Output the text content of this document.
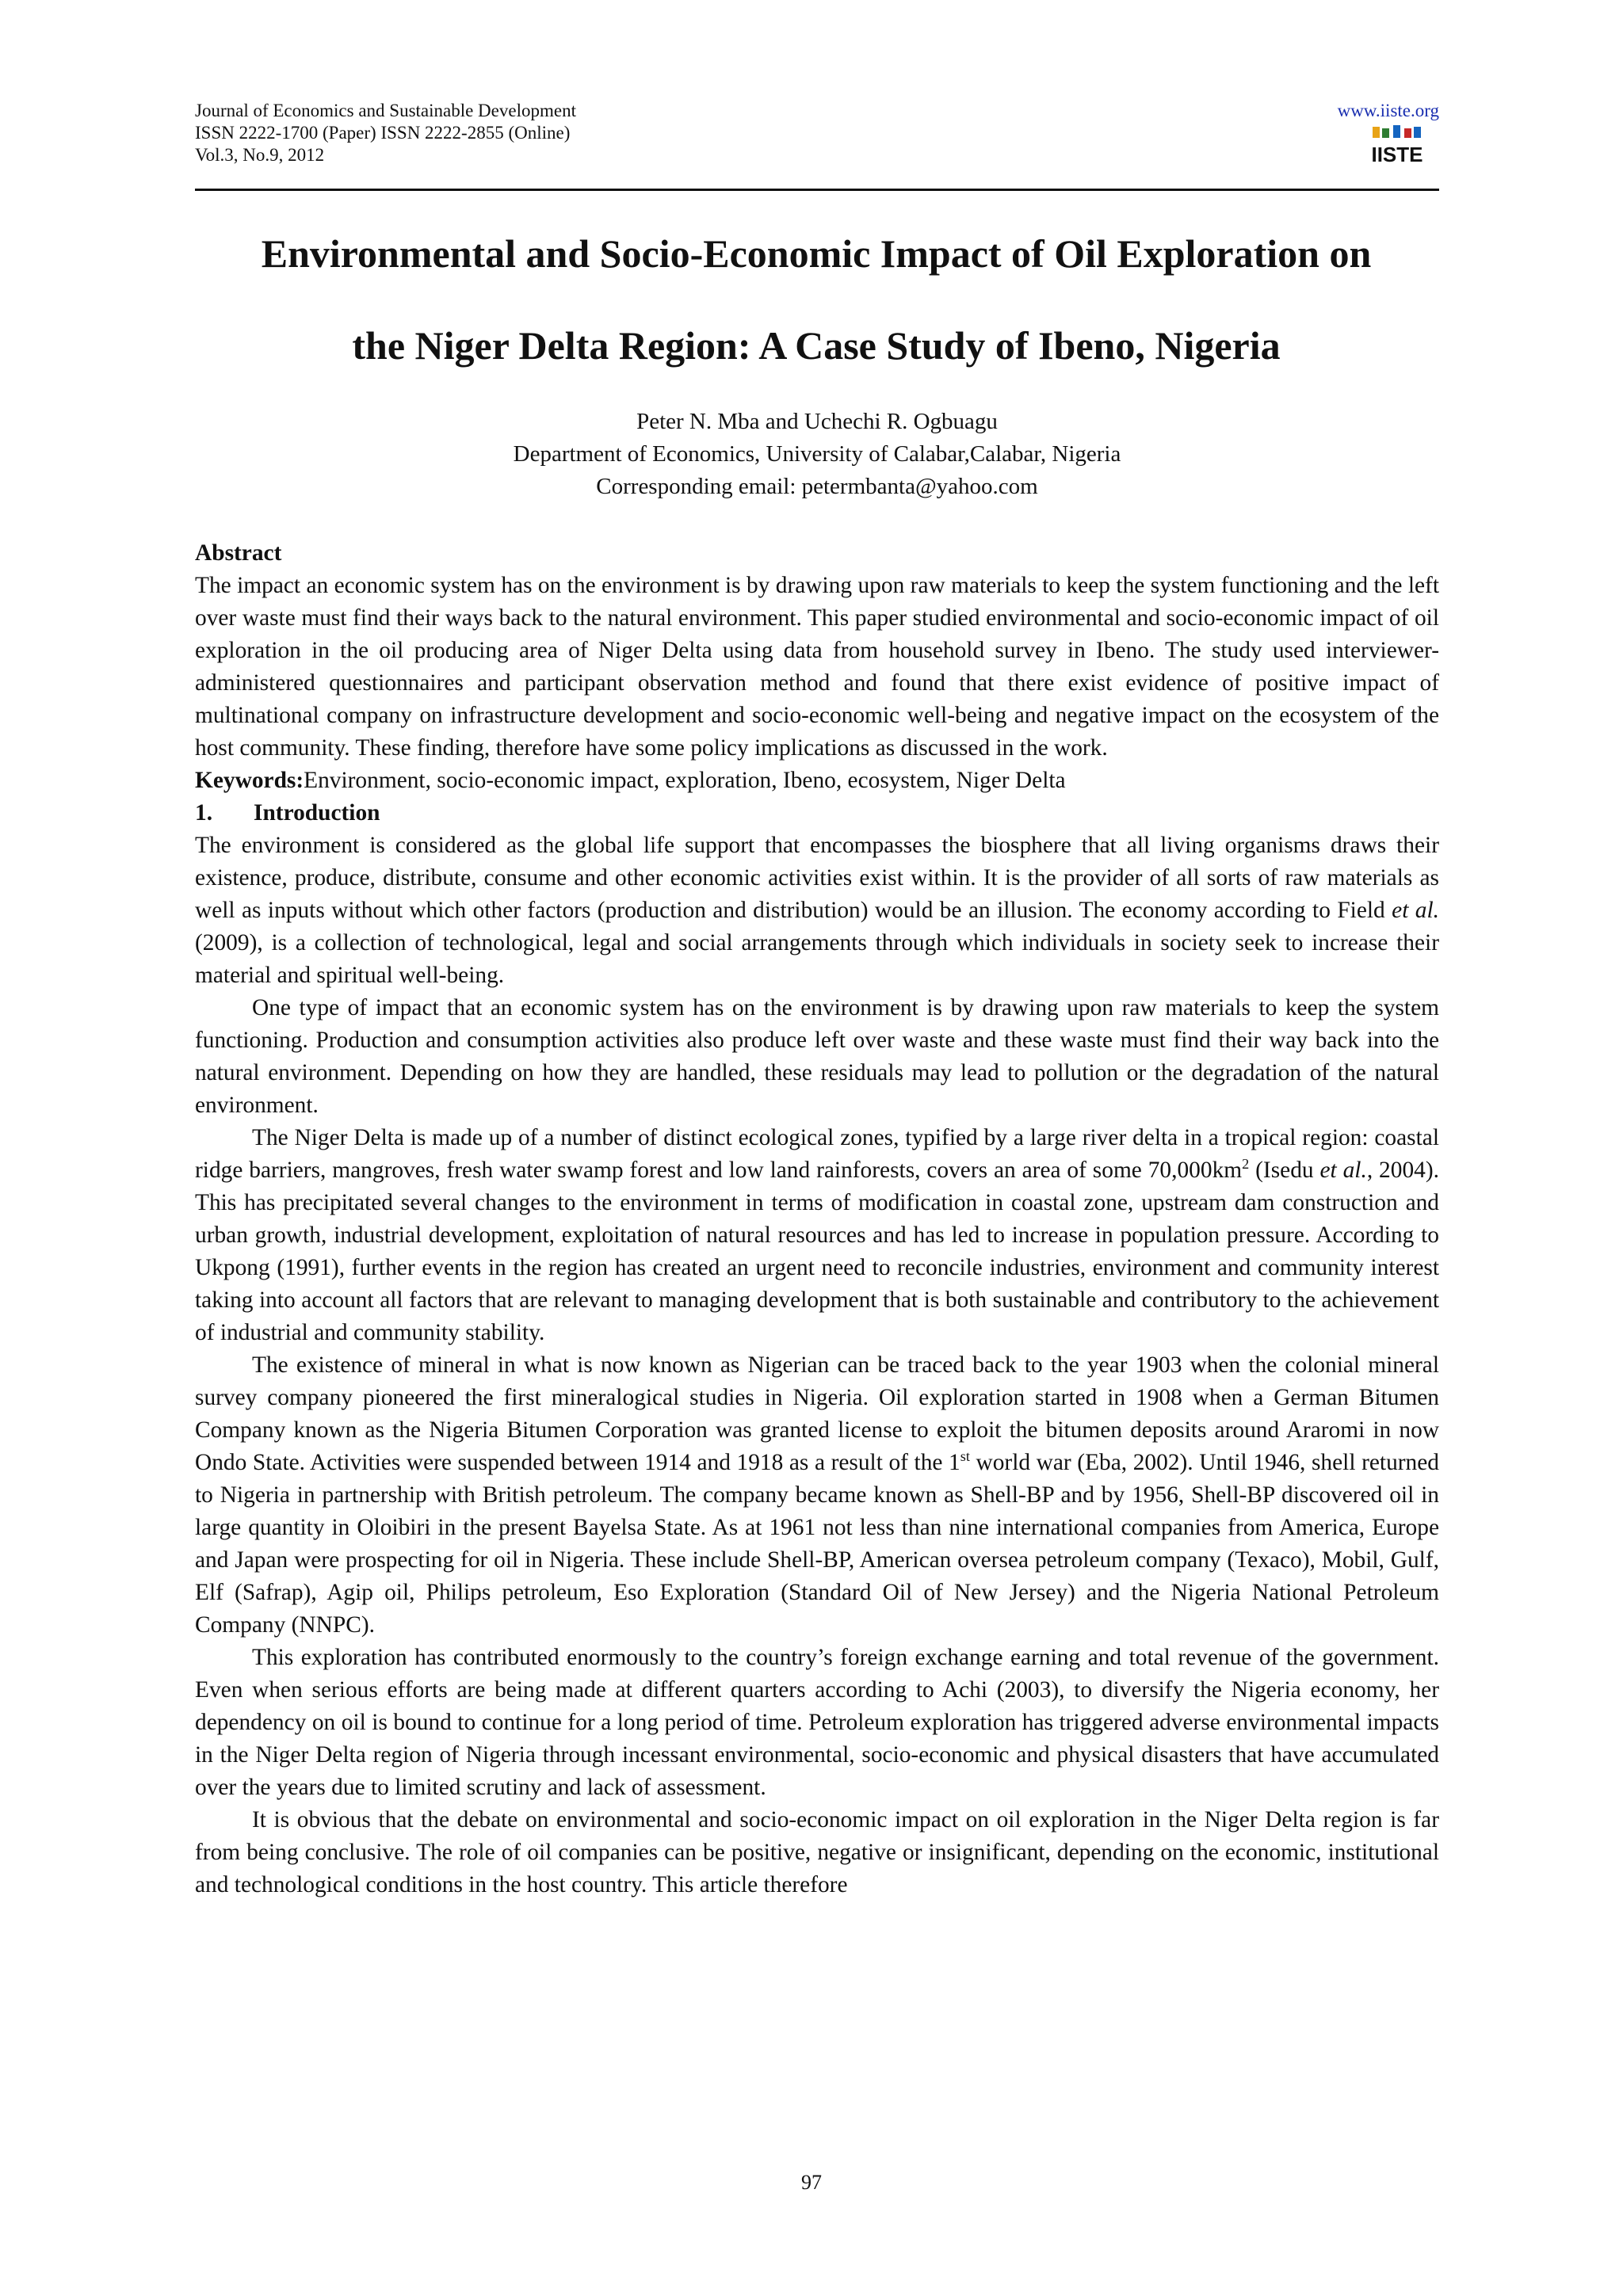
Journal of Economics and Sustainable Development
ISSN 2222-1700 (Paper) ISSN 2222-2855 (Online)
Vol.3, No.9, 2012
www.iiste.org
IISTE
Environmental and Socio-Economic Impact of Oil Exploration on
the Niger Delta Region: A Case Study of Ibeno, Nigeria
Peter N. Mba and Uchechi R. Ogbuagu
Department of Economics, University of Calabar,Calabar, Nigeria
Corresponding email: petermbanta@yahoo.com

Abstract

The impact an economic system has on the environment is by drawing upon raw materials to keep the system functioning and the left over waste must find their ways back to the natural environment. This paper studied environmental and socio-economic impact of oil exploration in the oil producing area of Niger Delta using data from household survey in Ibeno. The study used interviewer-administered questionnaires and participant observation method and found that there exist evidence of positive impact of multinational company on infrastructure development and socio-economic well-being and negative impact on the ecosystem of the host community. These finding, therefore have some policy implications as discussed in the work.

Keywords:Environment, socio-economic impact, exploration, Ibeno, ecosystem, Niger Delta

1. Introduction

The environment is considered as the global life support that encompasses the biosphere that all living organisms draws their existence, produce, distribute, consume and other economic activities exist within. It is the provider of all sorts of raw materials as well as inputs without which other factors (production and distribution) would be an illusion. The economy according to Field et al. (2009), is a collection of technological, legal and social arrangements through which individuals in society seek to increase their material and spiritual well-being.

One type of impact that an economic system has on the environment is by drawing upon raw materials to keep the system functioning. Production and consumption activities also produce left over waste and these waste must find their way back into the natural environment. Depending on how they are handled, these residuals may lead to pollution or the degradation of the natural environment.

The Niger Delta is made up of a number of distinct ecological zones, typified by a large river delta in a tropical region: coastal ridge barriers, mangroves, fresh water swamp forest and low land rainforests, covers an area of some $70,000km^2$ (Isedu et al., 2004). This has precipitated several changes to the environment in terms of modification in coastal zone, upstream dam construction and urban growth, industrial development, exploitation of natural resources and has led to increase in population pressure. According to Ukpong (1991), further events in the region has created an urgent need to reconcile industries, environment and community interest taking into account all factors that are relevant to managing development that is both sustainable and contributory to the achievement of industrial and community stability.

The existence of mineral in what is now known as Nigerian can be traced back to the year 1903 when the colonial mineral survey company pioneered the first mineralogical studies in Nigeria. Oil exploration started in 1908 when a German Bitumen Company known as the Nigeria Bitumen Corporation was granted license to exploit the bitumen deposits around Araromi in now Ondo State. Activities were suspended between 1914 and 1918 as a result of the 1st world war (Eba, 2002). Until 1946, shell returned to Nigeria in partnership with British petroleum. The company became known as Shell-BP and by 1956, Shell-BP discovered oil in large quantity in Oloibiri in the present Bayelsa State. As at 1961 not less than nine international companies from America, Europe and Japan were prospecting for oil in Nigeria. These include Shell-BP, American oversea petroleum company (Texaco), Mobil, Gulf, Elf (Safrap), Agip oil, Philips petroleum, Eso Exploration (Standard Oil of New Jersey) and the Nigeria National Petroleum Company (NNPC).

This exploration has contributed enormously to the country’s foreign exchange earning and total revenue of the government. Even when serious efforts are being made at different quarters according to Achi (2003), to diversify the Nigeria economy, her dependency on oil is bound to continue for a long period of time. Petroleum exploration has triggered adverse environmental impacts in the Niger Delta region of Nigeria through incessant environmental, socio-economic and physical disasters that have accumulated over the years due to limited scrutiny and lack of assessment.

It is obvious that the debate on environmental and socio-economic impact on oil exploration in the Niger Delta region is far from being conclusive. The role of oil companies can be positive, negative or insignificant, depending on the economic, institutional and technological conditions in the host country. This article therefore

97
